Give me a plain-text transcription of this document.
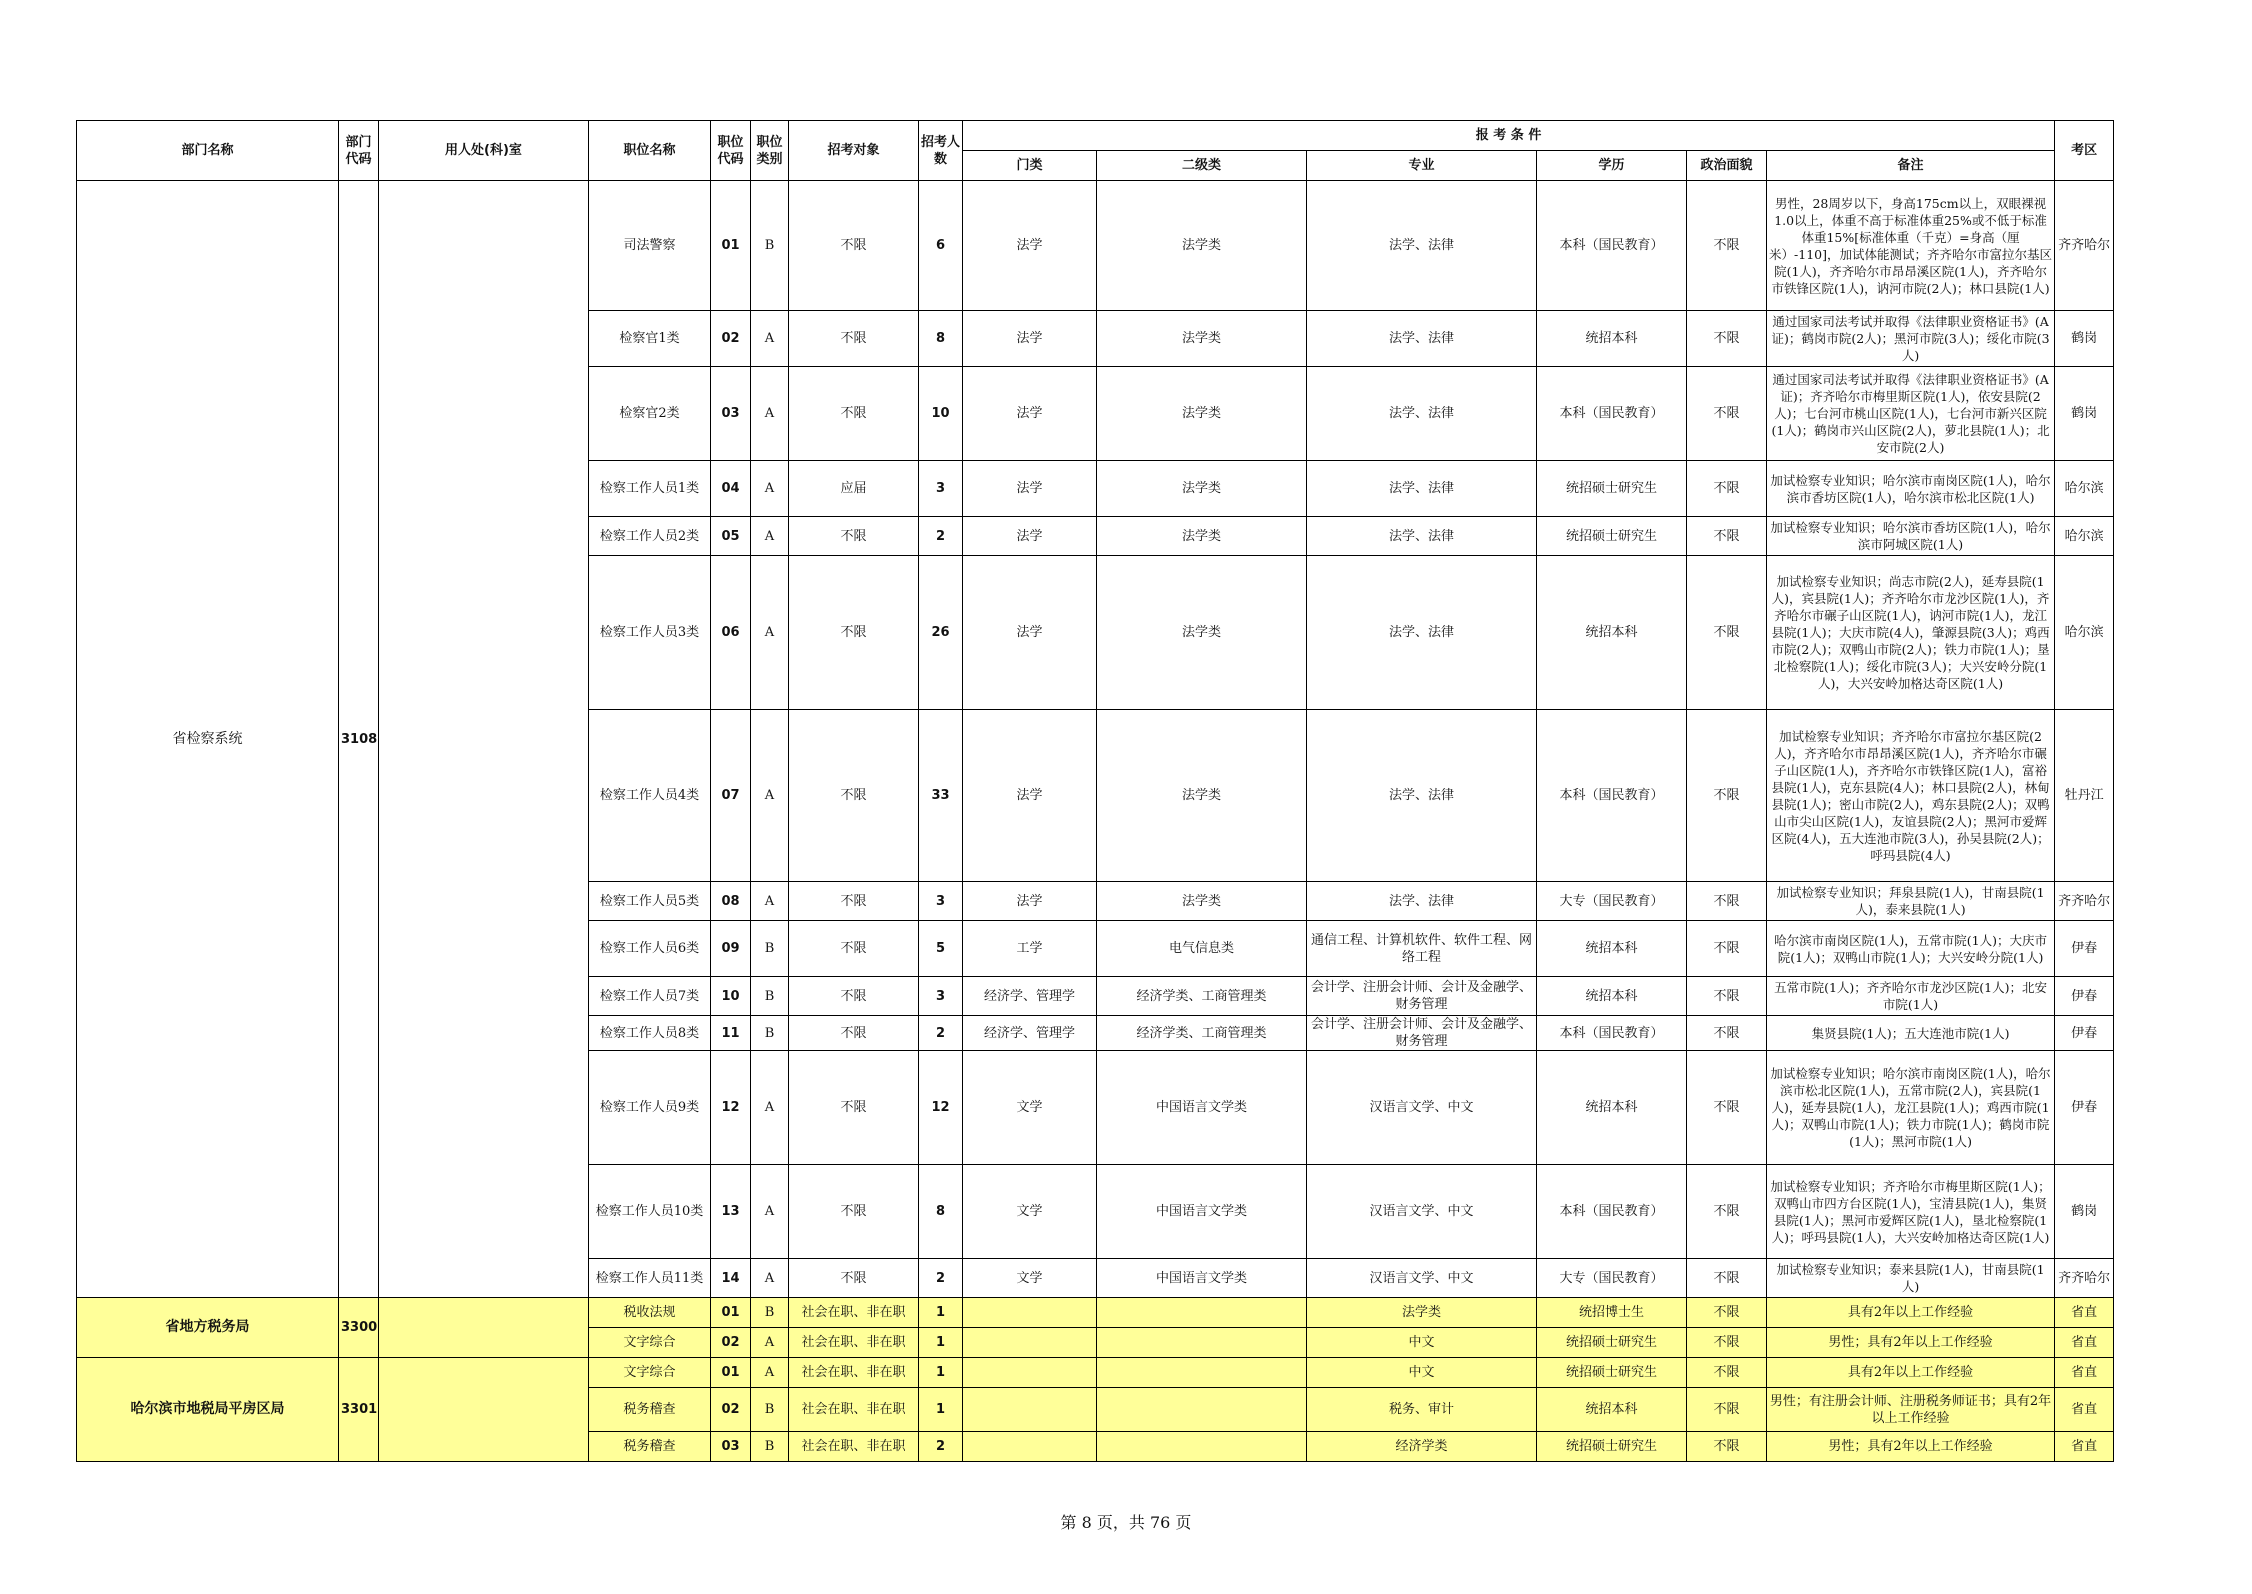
部门名称	部门代码	用人处(科)室	职位名称	职位代码	职位类别	招考对象	招考人数	报 考 条 件						考区
								门类	二级类	专业	学历	政治面貌	备注	
省检察系统	3108		司法警察	01	B	不限	6	法学	法学类	法学、法律	本科（国民教育）	不限	男性，28周岁以下，身高175cm以上，双眼裸视1.0以上，体重不高于标准体重25%或不低于标准体重15%[标准体重（千克）=身高（厘米）-110]，加试体能测试；齐齐哈尔市富拉尔基区院(1人)，齐齐哈尔市昂昂溪区院(1人)，齐齐哈尔市铁锋区院(1人)，讷河市院(2人)；林口县院(1人)	齐齐哈尔
			检察官1类	02	A	不限	8	法学	法学类	法学、法律	统招本科	不限	通过国家司法考试并取得《法律职业资格证书》(A证)；鹤岗市院(2人)；黑河市院(3人)；绥化市院(3人)	鹤岗
			检察官2类	03	A	不限	10	法学	法学类	法学、法律	本科（国民教育）	不限	通过国家司法考试并取得《法律职业资格证书》(A证)；齐齐哈尔市梅里斯区院(1人)，依安县院(2人)；七台河市桃山区院(1人)，七台河市新兴区院(1人)；鹤岗市兴山区院(2人)，萝北县院(1人)；北安市院(2人)	鹤岗
			检察工作人员1类	04	A	应届	3	法学	法学类	法学、法律	统招硕士研究生	不限	加试检察专业知识；哈尔滨市南岗区院(1人)，哈尔滨市香坊区院(1人)，哈尔滨市松北区院(1人)	哈尔滨
			检察工作人员2类	05	A	不限	2	法学	法学类	法学、法律	统招硕士研究生	不限	加试检察专业知识；哈尔滨市香坊区院(1人)，哈尔滨市阿城区院(1人)	哈尔滨
			检察工作人员3类	06	A	不限	26	法学	法学类	法学、法律	统招本科	不限	加试检察专业知识；尚志市院(2人)，延寿县院(1人)，宾县院(1人)；齐齐哈尔市龙沙区院(1人)，齐齐哈尔市碾子山区院(1人)，讷河市院(1人)，龙江县院(1人)；大庆市院(4人)，肇源县院(3人)；鸡西市院(2人)；双鸭山市院(2人)；铁力市院(1人)；垦北检察院(1人)；绥化市院(3人)；大兴安岭分院(1人)，大兴安岭加格达奇区院(1人)	哈尔滨
			检察工作人员4类	07	A	不限	33	法学	法学类	法学、法律	本科（国民教育）	不限	加试检察专业知识；齐齐哈尔市富拉尔基区院(2人)，齐齐哈尔市昂昂溪区院(1人)，齐齐哈尔市碾子山区院(1人)，齐齐哈尔市铁锋区院(1人)，富裕县院(1人)，克东县院(4人)；林口县院(2人)，林甸县院(1人)；密山市院(2人)，鸡东县院(2人)；双鸭山市尖山区院(1人)，友谊县院(2人)；黑河市爱辉区院(4人)，五大连池市院(3人)，孙吴县院(2人)；呼玛县院(4人)	牡丹江
			检察工作人员5类	08	A	不限	3	法学	法学类	法学、法律	大专（国民教育）	不限	加试检察专业知识；拜泉县院(1人)，甘南县院(1人)，泰来县院(1人)	齐齐哈尔
			检察工作人员6类	09	B	不限	5	工学	电气信息类	通信工程、计算机软件、软件工程、网络工程	统招本科	不限	哈尔滨市南岗区院(1人)，五常市院(1人)；大庆市院(1人)；双鸭山市院(1人)；大兴安岭分院(1人)	伊春
			检察工作人员7类	10	B	不限	3	经济学、管理学	经济学类、工商管理类	会计学、注册会计师、会计及金融学、财务管理	统招本科	不限	五常市院(1人)；齐齐哈尔市龙沙区院(1人)；北安市院(1人)	伊春
			检察工作人员8类	11	B	不限	2	经济学、管理学	经济学类、工商管理类	会计学、注册会计师、会计及金融学、财务管理	本科（国民教育）	不限	集贤县院(1人)；五大连池市院(1人)	伊春
			检察工作人员9类	12	A	不限	12	文学	中国语言文学类	汉语言文学、中文	统招本科	不限	加试检察专业知识；哈尔滨市南岗区院(1人)，哈尔滨市松北区院(1人)，五常市院(2人)，宾县院(1人)，延寿县院(1人)，龙江县院(1人)；鸡西市院(1人)；双鸭山市院(1人)；铁力市院(1人)；鹤岗市院(1人)；黑河市院(1人)	伊春
			检察工作人员10类	13	A	不限	8	文学	中国语言文学类	汉语言文学、中文	本科（国民教育）	不限	加试检察专业知识；齐齐哈尔市梅里斯区院(1人)；双鸭山市四方台区院(1人)，宝清县院(1人)，集贤县院(1人)；黑河市爱辉区院(1人)，垦北检察院(1人)；呼玛县院(1人)，大兴安岭加格达奇区院(1人)	鹤岗
			检察工作人员11类	14	A	不限	2	文学	中国语言文学类	汉语言文学、中文	大专（国民教育）	不限	加试检察专业知识；泰来县院(1人)，甘南县院(1人)	齐齐哈尔
省地方税务局	3300		税收法规	01	B	社会在职、非在职	1			法学类	统招博士生	不限	具有2年以上工作经验	省直
			文字综合	02	A	社会在职、非在职	1			中文	统招硕士研究生	不限	男性；具有2年以上工作经验	省直
哈尔滨市地税局平房区局	3301		文字综合	01	A	社会在职、非在职	1			中文	统招硕士研究生	不限	具有2年以上工作经验	省直
			税务稽查	02	B	社会在职、非在职	1			税务、审计	统招本科	不限	男性；有注册会计师、注册税务师证书；具有2年以上工作经验	省直
			税务稽查	03	B	社会在职、非在职	2			经济学类	统招硕士研究生	不限	男性；具有2年以上工作经验	省直
第 8 页，共 76 页
